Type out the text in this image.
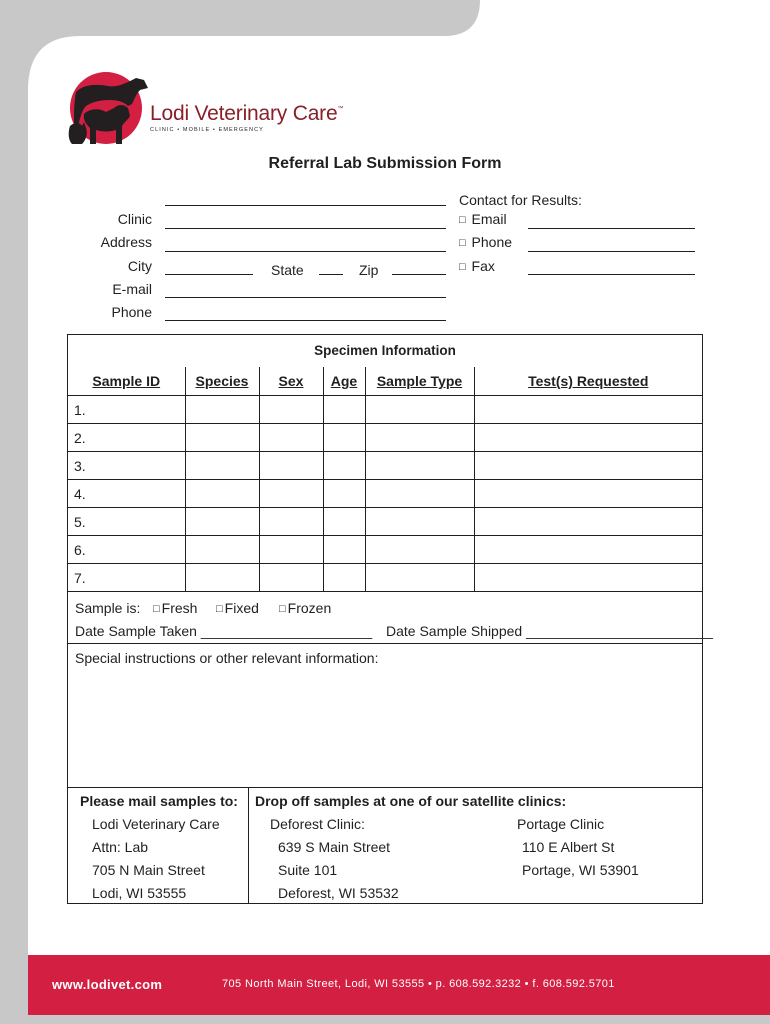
Lodi Veterinary Care™
CLINIC • MOBILE • EMERGENCY
Referral Lab Submission Form
Clinic
Address
City	State	Zip
E-mail
Phone
Contact for Results:
□ Email
□ Phone
□ Fax
Specimen Information
Sample ID	Species	Sex	Age	Sample Type	Test(s) Requested
1.					
2.					
3.					
4.					
5.					
6.					
7.					
Sample is: □ Fresh □ Fixed □ Frozen
Date Sample Taken ______________________ Date Sample Shipped ________________________
Special instructions or other relevant information:
Please mail samples to:
Lodi Veterinary Care
Attn: Lab
705 N Main Street
Lodi, WI 53555
Drop off samples at one of our satellite clinics:
Deforest Clinic:
639 S Main Street
Suite 101
Deforest, WI 53532
Portage Clinic
110 E Albert St
Portage, WI 53901
www.lodivet.com	705 North Main Street, Lodi, WI 53555 • p. 608.592.3232 • f. 608.592.5701
